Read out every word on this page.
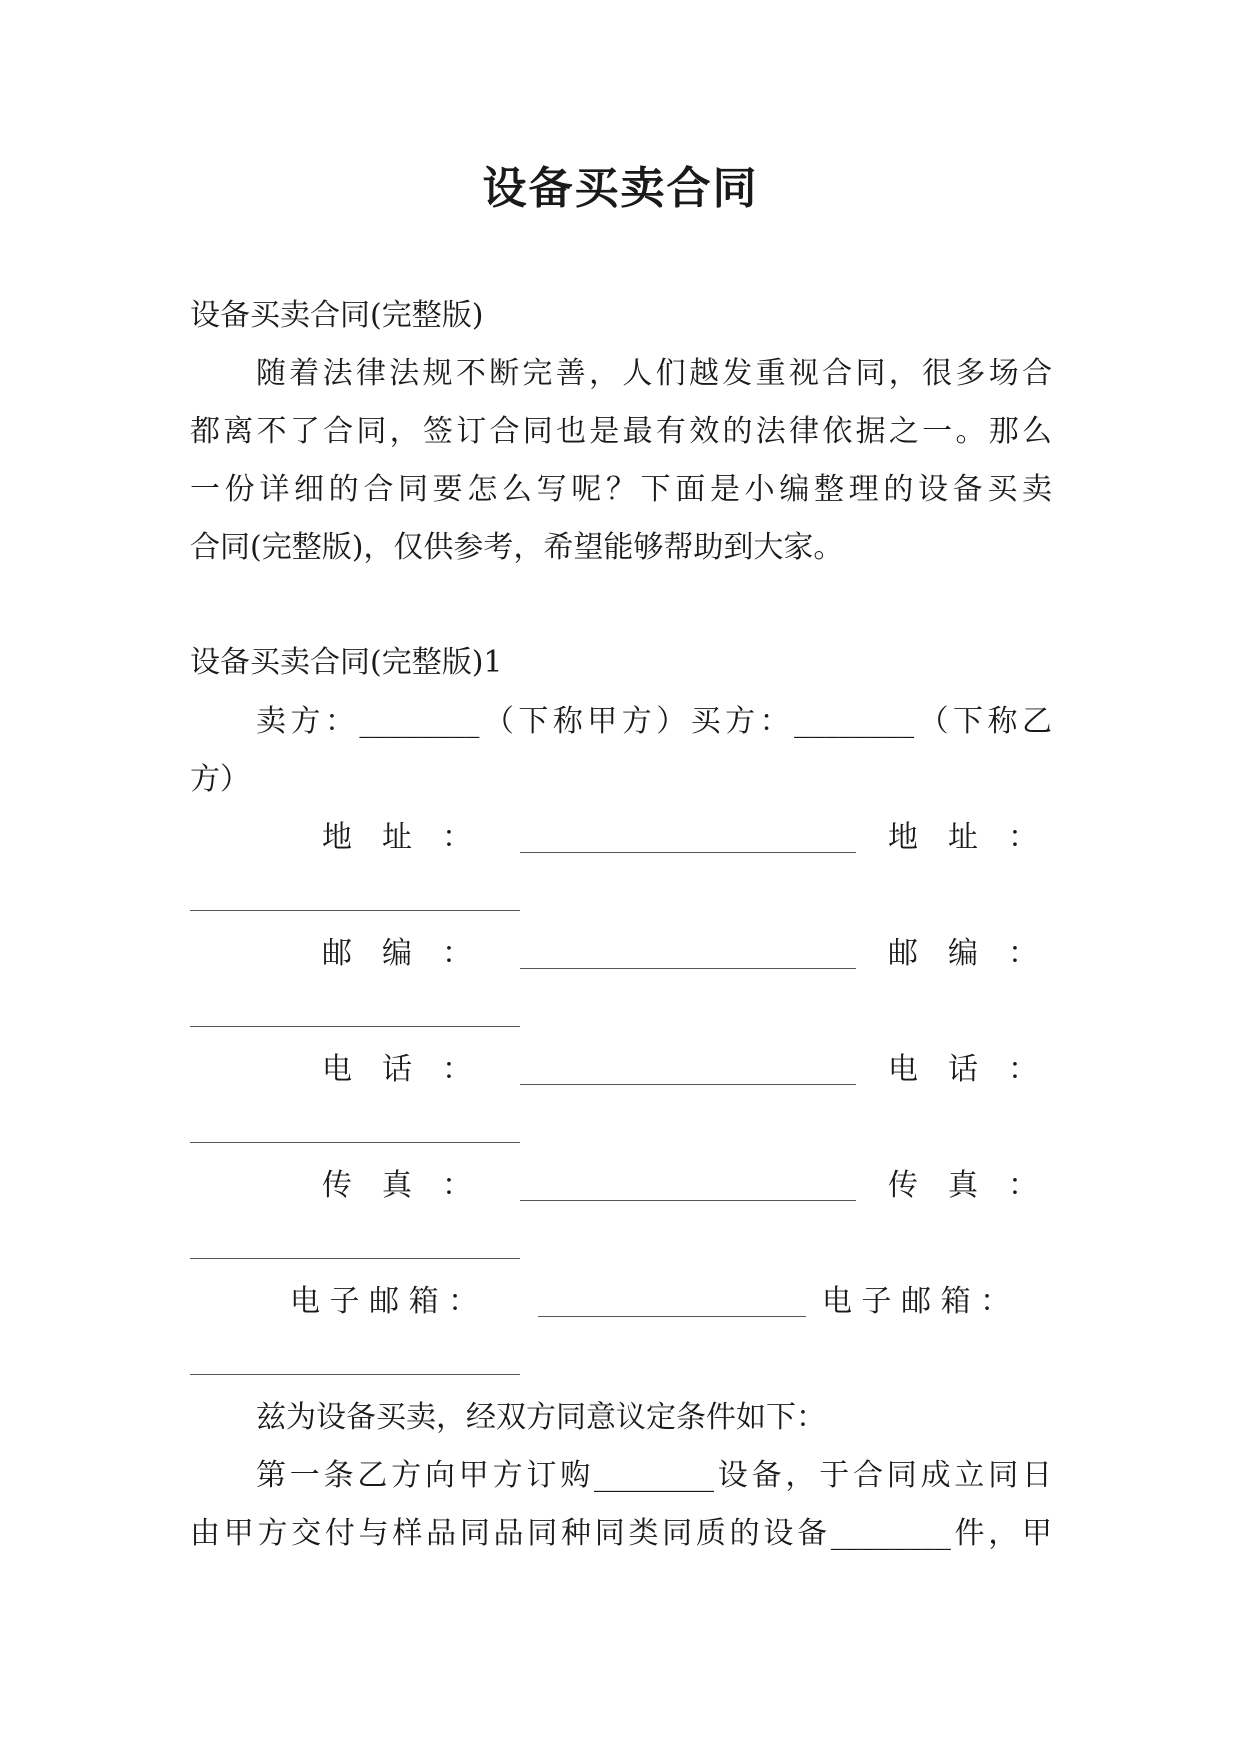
设备买卖合同

设备买卖合同(完整版)

随着法律法规不断完善，人们越发重视合同，很多场合

都离不了合同，签订合同也是最有效的法律依据之一。那么

一份详细的合同要怎么写呢？下面是小编整理的设备买卖

合同(完整版)，仅供参考，希望能够帮助到大家。

设备买卖合同(完整版)1

卖方：________（下称甲方）买方：________（下称乙

方）

地　址　：	地　址　：

邮　编　：	邮　编　：

电　话　：	电　话　：

传　真　：	传　真　：

电 子 邮 箱 ：	电 子 邮 箱 ：

兹为设备买卖，经双方同意议定条件如下：

第一条乙方向甲方订购________设备，于合同成立同日

由甲方交付与样品同品同种同类同质的设备________件，甲
